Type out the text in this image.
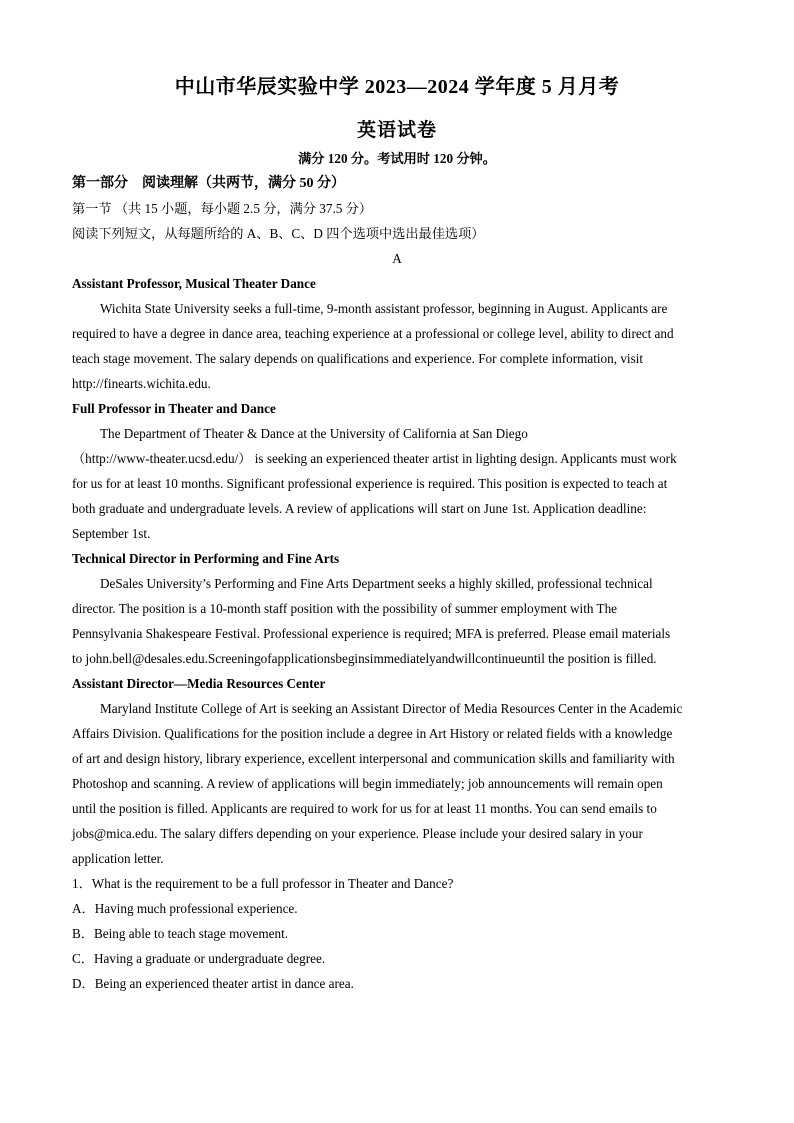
中山市华辰实验中学 2023—2024 学年度 5 月月考
英语试卷
满分 120 分。考试用时 120 分钟。
第一部分　阅读理解（共两节，满分 50 分）
第一节 （共 15 小题，每小题 2.5 分，满分 37.5 分）
阅读下列短文，从每题所给的 A、B、C、D 四个选项中选出最佳选项）
A
Assistant Professor, Musical Theater Dance
Wichita State University seeks a full-time, 9-month assistant professor, beginning in August. Applicants are
required to have a degree in dance area, teaching experience at a professional or college level, ability to direct and
teach stage movement. The salary depends on qualifications and experience. For complete information, visit
http://finearts.wichita.edu.
Full Professor in Theater and Dance
The Department of Theater & Dance at the University of California at San Diego
（http://www-theater.ucsd.edu/） is seeking an experienced theater artist in lighting design. Applicants must work
for us for at least 10 months. Significant professional experience is required. This position is expected to teach at
both graduate and undergraduate levels. A review of applications will start on June 1st. Application deadline:
September 1st.
Technical Director in Performing and Fine Arts
DeSales University’s Performing and Fine Arts Department seeks a highly skilled, professional technical
director. The position is a 10-month staff position with the possibility of summer employment with The
Pennsylvania Shakespeare Festival. Professional experience is required; MFA is preferred. Please email materials
to john.bell@desales.edu.Screeningofapplicationsbeginsimmediatelyandwillcontinueuntil the position is filled.
Assistant Director—Media Resources Center
Maryland Institute College of Art is seeking an Assistant Director of Media Resources Center in the Academic
Affairs Division. Qualifications for the position include a degree in Art History or related fields with a knowledge
of art and design history, library experience, excellent interpersonal and communication skills and familiarity with
Photoshop and scanning. A review of applications will begin immediately; job announcements will remain open
until the position is filled. Applicants are required to work for us for at least 11 months. You can send emails to
jobs@mica.edu. The salary differs depending on your experience. Please include your desired salary in your
application letter.
1．What is the requirement to be a full professor in Theater and Dance?
A．Having much professional experience.
B．Being able to teach stage movement.
C．Having a graduate or undergraduate degree.
D．Being an experienced theater artist in dance area.
